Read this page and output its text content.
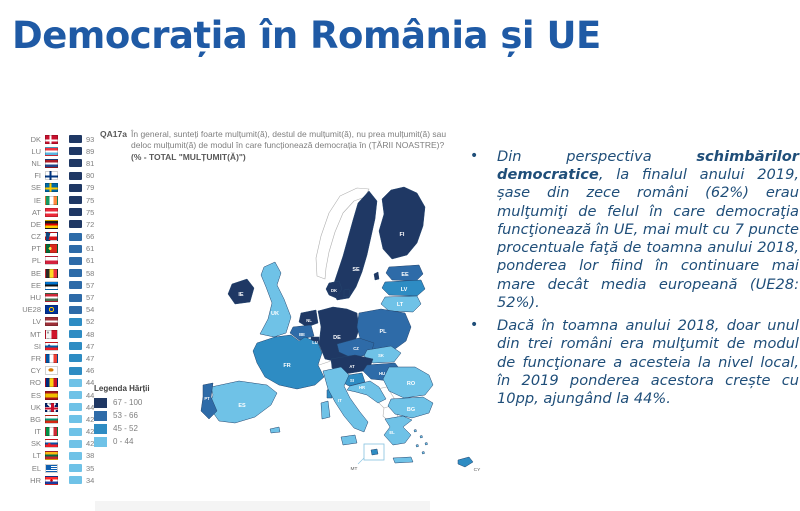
Democrația în România și UE
QA17a În general, sunteți foarte mulțumit(ă), destul de mulțumit(ă), nu prea mulțumit(ă) sau deloc mulțumit(ă) de modul în care funcționează democrația în (ȚĂRII NOASTRE)?
(% - TOTAL "MULȚUMIT(Ă)")
DK	93
LU	89
NL	81
FI	80
SE	79
IE	75
AT	75
DE	72
CZ	66
PT	61
PL	61
BE	58
EE	57
HU	57
UE28	54
LV	52
MT	48
SI	47
FR	47
CY	46
RO	44
ES	44
UK	44
BG	42
IT	42
SK	42
LT	38
EL	35
HR	34
Legenda Hărții
67 - 100
53 - 66
45 - 52
0 - 44
FI
SE
EE
LV
LT
DK
IE
UK
NL
BE
LU
DE
PL
CZ
SK
AT
HU
SI
HR
FR
PT
ES
IT
RO
BG
EL
MT	CY
• Din perspectiva schimbărilor democratice, la finalul anului 2019, șase din zece români (62%) erau mulţumiţi de felul în care democraţia funcţionează în UE, mai mult cu 7 puncte procentuale faţă de toamna anului 2018, ponderea lor fiind în continuare mai mare decât media europeană (UE28: 52%).
• Dacă în toamna anului 2018, doar unul din trei români era mulţumit de modul de funcţionare a acesteia la nivel local, în 2019 ponderea acestora crește cu 10pp, ajungând la 44%.
